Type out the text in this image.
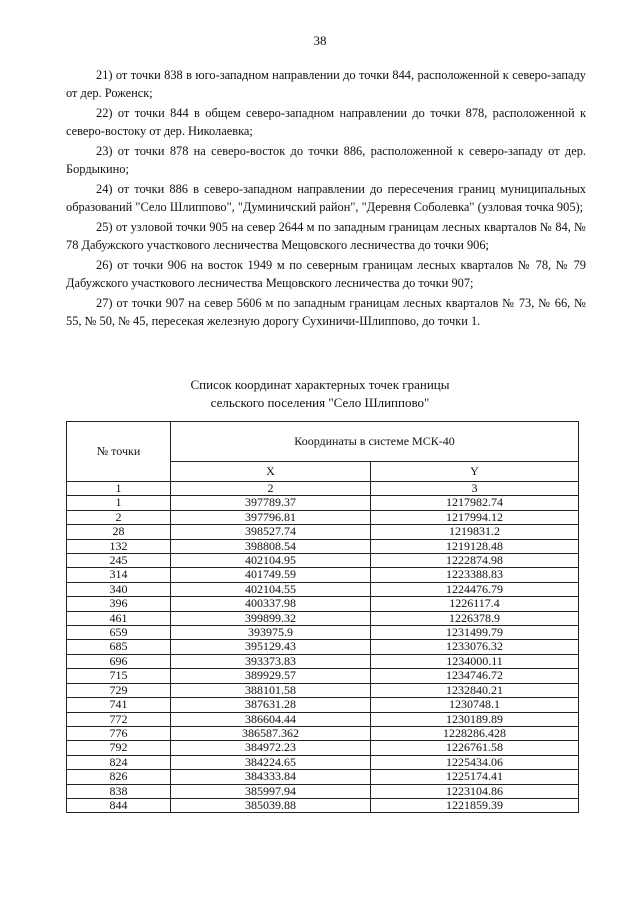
38

21) от точки 838 в юго-западном направлении до точки 844, расположенной к северо-западу от дер. Роженск;

22) от точки 844 в общем северо-западном направлении до точки 878, расположенной к северо-востоку от дер. Николаевка;

23) от точки 878 на северо-восток до точки 886, расположенной к северо-западу от дер. Бордыкино;

24) от точки 886 в северо-западном направлении до пересечения границ муниципальных образований "Село Шлиппово", "Думиничский район", "Деревня Соболевка" (узловая точка 905);

25) от узловой точки 905 на север 2644 м по западным границам лесных кварталов № 84, № 78 Дабужского участкового лесничества Мещовского лесничества до точки 906;

26) от точки 906 на восток 1949 м по северным границам лесных кварталов № 78, № 79 Дабужского участкового лесничества Мещовского лесничества до точки 907;

27) от точки 907 на север 5606 м по западным границам лесных кварталов № 73, № 66, № 55, № 50, № 45, пересекая железную дорогу Сухиничи-Шлиппово, до точки 1.

Список координат характерных точек границы
сельского поселения "Село Шлиппово"
№ точки	Координаты в системе МСК-40	
	X	Y
1	2	3
1	397789.37	1217982.74
2	397796.81	1217994.12
28	398527.74	1219831.2
132	398808.54	1219128.48
245	402104.95	1222874.98
314	401749.59	1223388.83
340	402104.55	1224476.79
396	400337.98	1226117.4
461	399899.32	1226378.9
659	393975.9	1231499.79
685	395129.43	1233076.32
696	393373.83	1234000.11
715	389929.57	1234746.72
729	388101.58	1232840.21
741	387631.28	1230748.1
772	386604.44	1230189.89
776	386587.362	1228286.428
792	384972.23	1226761.58
824	384224.65	1225434.06
826	384333.84	1225174.41
838	385997.94	1223104.86
844	385039.88	1221859.39
